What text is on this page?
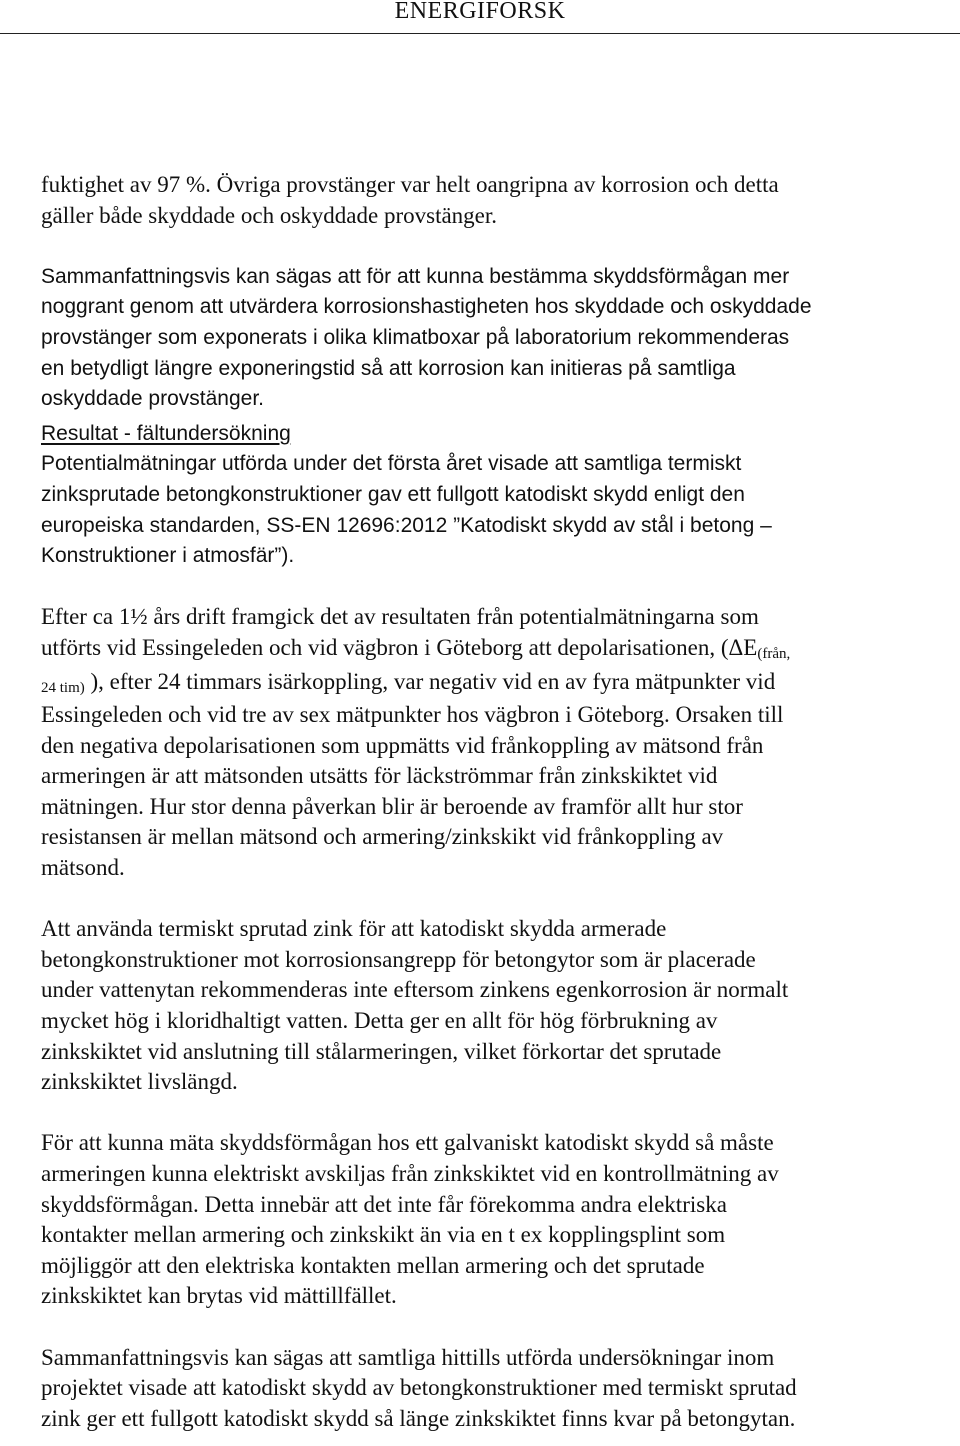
ENERGIFORSK

fuktighet av 97 %. Övriga provstänger var helt oangripna av korrosion och detta
gäller både skyddade och oskyddade provstänger.

Sammanfattningsvis kan sägas att för att kunna bestämma skyddsförmågan mer
noggrant genom att utvärdera korrosionshastigheten hos skyddade och oskyddade
provstänger som exponerats i olika klimatboxar på laboratorium rekommenderas
en betydligt längre exponeringstid så att korrosion kan initieras på samtliga
oskyddade provstänger.

Resultat - fältundersökning

Potentialmätningar utförda under det första året visade att samtliga termiskt
zinksprutade betongkonstruktioner gav ett fullgott katodiskt skydd enligt den
europeiska standarden, SS-EN 12696:2012 ”Katodiskt skydd av stål i betong –
Konstruktioner i atmosfär”).

Efter ca 1½ års drift framgick det av resultaten från potentialmätningarna som
utförts vid Essingeleden och vid vägbron i Göteborg att depolarisationen, (ΔE(från,
24 tim) ), efter 24 timmars isärkoppling, var negativ vid en av fyra mätpunkter vid
Essingeleden och vid tre av sex mätpunkter hos vägbron i Göteborg. Orsaken till
den negativa depolarisationen som uppmätts vid frånkoppling av mätsond från
armeringen är att mätsonden utsätts för läckströmmar från zinkskiktet vid
mätningen. Hur stor denna påverkan blir är beroende av framför allt hur stor
resistansen är mellan mätsond och armering/zinkskikt vid frånkoppling av
mätsond.

Att använda termiskt sprutad zink för att katodiskt skydda armerade
betongkonstruktioner mot korrosionsangrepp för betongytor som är placerade
under vattenytan rekommenderas inte eftersom zinkens egenkorrosion är normalt
mycket hög i kloridhaltigt vatten. Detta ger en allt för hög förbrukning av
zinkskiktet vid anslutning till stålarmeringen, vilket förkortar det sprutade
zinkskiktet livslängd.

För att kunna mäta skyddsförmågan hos ett galvaniskt katodiskt skydd så måste
armeringen kunna elektriskt avskiljas från zinkskiktet vid en kontrollmätning av
skyddsförmågan. Detta innebär att det inte får förekomma andra elektriska
kontakter mellan armering och zinkskikt än via en t ex kopplingsplint som
möjliggör att den elektriska kontakten mellan armering och det sprutade
zinkskiktet kan brytas vid mättillfället.

Sammanfattningsvis kan sägas att samtliga hittills utförda undersökningar inom
projektet visade att katodiskt skydd av betongkonstruktioner med termiskt sprutad
zink ger ett fullgott katodiskt skydd så länge zinkskiktet finns kvar på betongytan.
